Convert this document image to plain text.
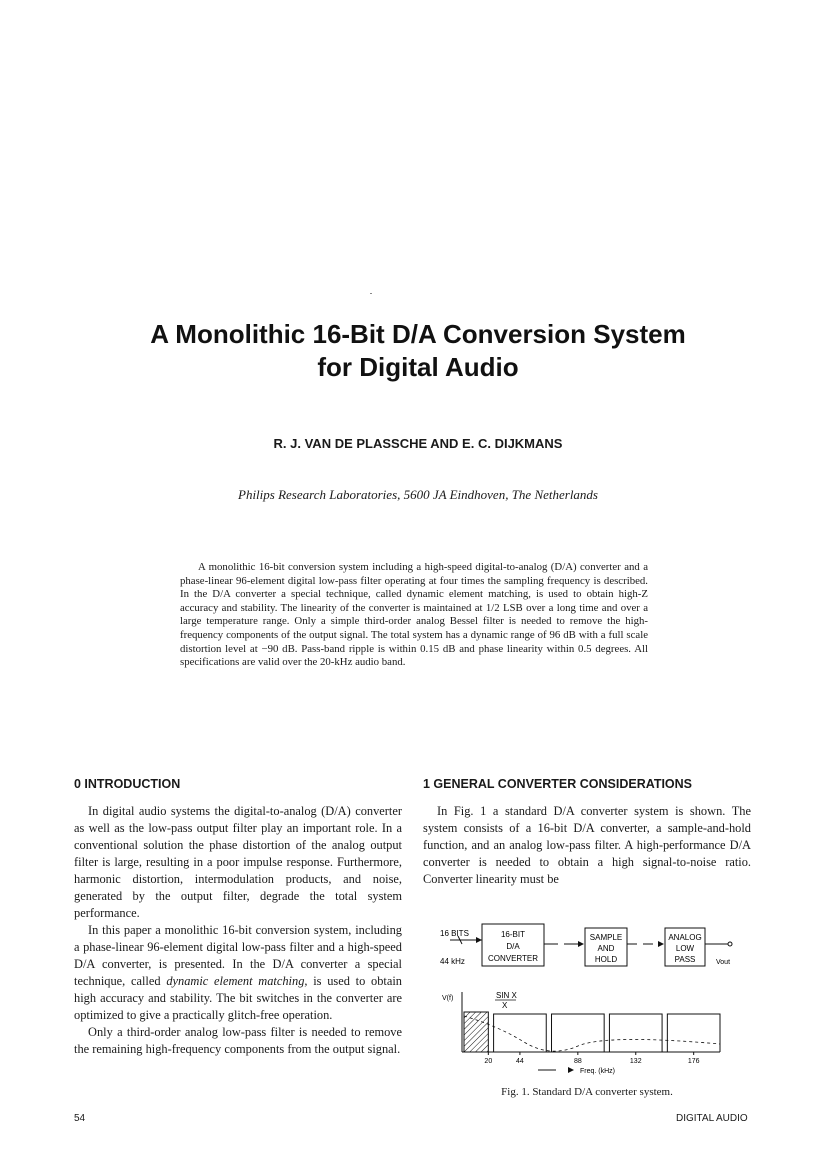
A Monolithic 16-Bit D/A Conversion System
for Digital Audio
R. J. VAN DE PLASSCHE AND E. C. DIJKMANS
Philips Research Laboratories, 5600 JA Eindhoven, The Netherlands

A monolithic 16-bit conversion system including a high-speed digital-to-analog (D/A) converter and a phase-linear 96-element digital low-pass filter operating at four times the sampling frequency is described. In the D/A converter a special technique, called dynamic element matching, is used to obtain high-Z accuracy and stability. The linearity of the converter is maintained at 1/2 LSB over a long time and over a large temperature range. Only a simple third-order analog Bessel filter is needed to remove the high-frequency components of the output signal. The total system has a dynamic range of 96 dB with a full scale distortion level at −90 dB. Pass-band ripple is within 0.15 dB and phase linearity within 0.5 degrees. All specifications are valid over the 20-kHz audio band.

0 INTRODUCTION

In digital audio systems the digital-to-analog (D/A) converter as well as the low-pass output filter play an important role. In a conventional solution the phase distortion of the analog output filter is large, resulting in a poor impulse response. Furthermore, harmonic distortion, intermodulation products, and noise, generated by the output filter, degrade the total system performance.

In this paper a monolithic 16-bit conversion system, including a phase-linear 96-element digital low-pass filter and a high-speed D/A converter, is presented. In the D/A converter a special technique, called dynamic element matching, is used to obtain high accuracy and stability. The bit switches in the converter are optimized to give a practically glitch-free operation.

Only a third-order analog low-pass filter is needed to remove the remaining high-frequency components from the output signal.

1 GENERAL CONVERTER CONSIDERATIONS

In Fig. 1 a standard D/A converter system is shown. The system consists of a 16-bit D/A converter, a sample-and-hold function, and an analog low-pass filter. A high-performance D/A converter is needed to obtain a high signal-to-noise ratio. Converter linearity must be

16 BITS
44 kHz
16-BIT
D/A
CONVERTER
SAMPLE
AND
HOLD
ANALOG
LOW
PASS	Vout
V(f)	SIN X
X
20	44	88	132	176
Freq. (kHz)
Fig. 1. Standard D/A converter system.
54	DIGITAL AUDIO
